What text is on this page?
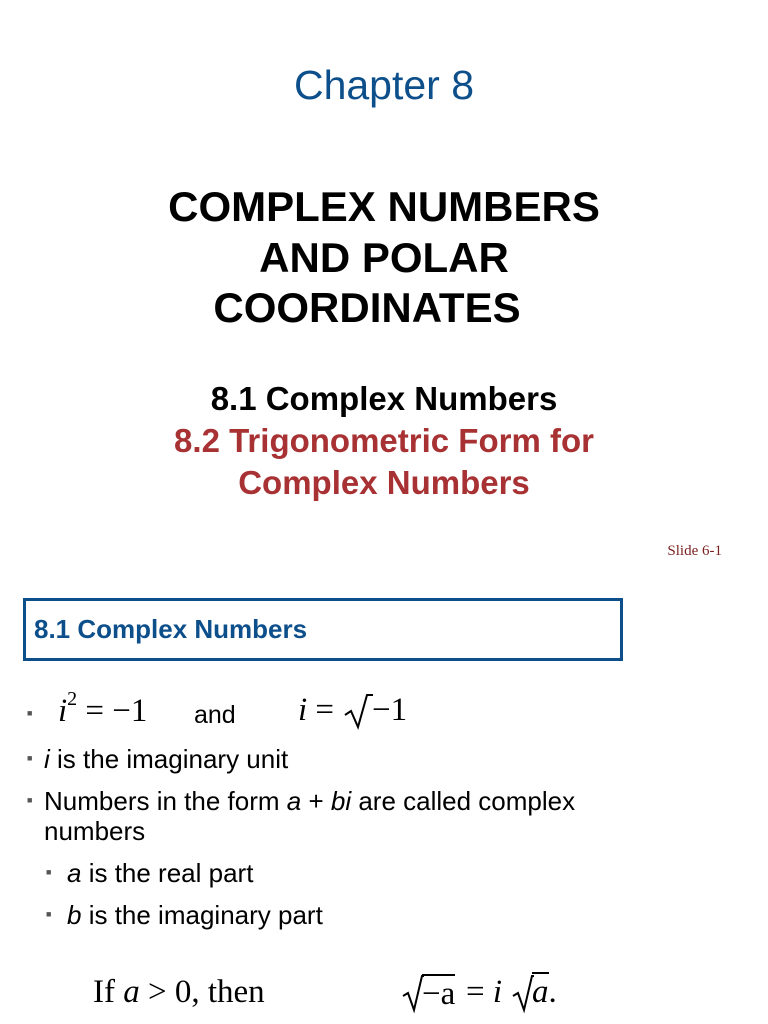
Chapter 8
COMPLEX NUMBERS
AND POLAR
COORDINATES
8.1 Complex Numbers
8.2 Trigonometric Form for
Complex Numbers
Slide 6-1
8.1 Complex Numbers
■ $i^2 = -1$ and i = −1
■ i is the imaginary unit
■ Numbers in the form a + bi are called complex
numbers
■ a is the real part
■ b is the imaginary part
If a > 0, then	−a = i a.
